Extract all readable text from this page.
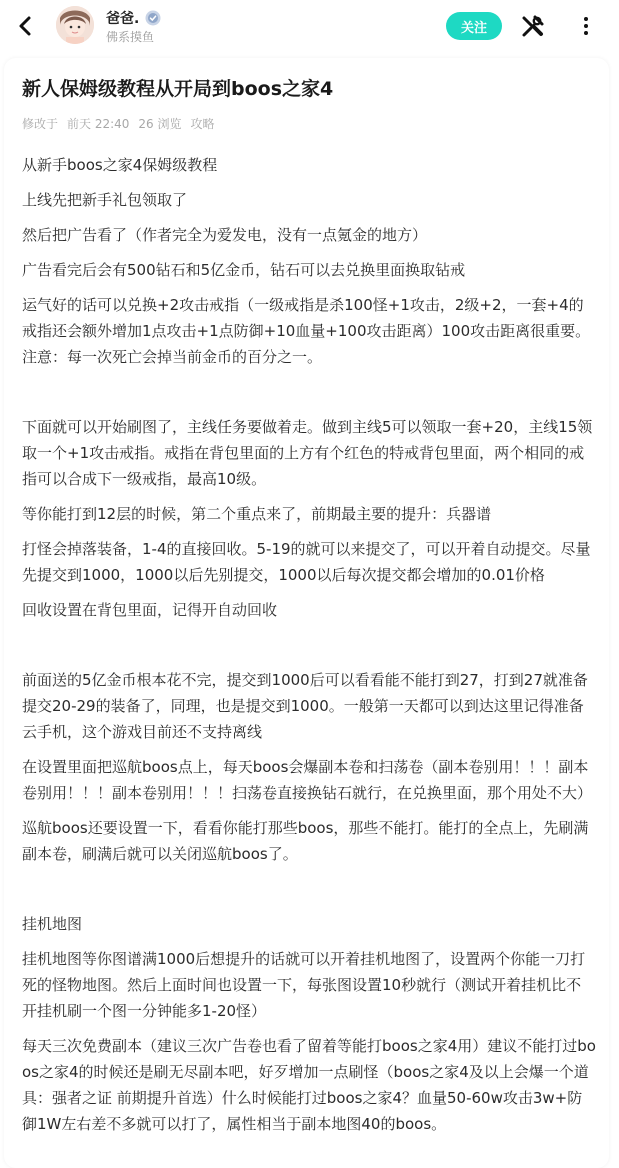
爸爸.
佛系摸鱼
关注
新人保姆级教程从开局到boos之家4
修改于 前天 22:40 26 浏览 攻略

从新手boos之家4保姆级教程

上线先把新手礼包领取了

然后把广告看了（作者完全为爱发电，没有一点氪金的地方）

广告看完后会有500钻石和5亿金币，钻石可以去兑换里面换取钻戒

运气好的话可以兑换+2攻击戒指（一级戒指是杀100怪+1攻击，2级+2，一套+4的戒指还会额外增加1点攻击+1点防御+10血量+100攻击距离）100攻击距离很重要。注意：每一次死亡会掉当前金币的百分之一。

下面就可以开始刷图了，主线任务要做着走。做到主线5可以领取一套+20，主线15领取一个+1攻击戒指。戒指在背包里面的上方有个红色的特戒背包里面，两个相同的戒指可以合成下一级戒指，最高10级。

等你能打到12层的时候，第二个重点来了，前期最主要的提升：兵器谱

打怪会掉落装备，1-4的直接回收。5-19的就可以来提交了，可以开着自动提交。尽量先提交到1000，1000以后先别提交，1000以后每次提交都会增加的0.01价格

回收设置在背包里面，记得开自动回收

前面送的5亿金币根本花不完，提交到1000后可以看看能不能打到27，打到27就准备提交20-29的装备了，同理，也是提交到1000。一般第一天都可以到达这里记得准备云手机，这个游戏目前还不支持离线

在设置里面把巡航boos点上，每天boos会爆副本卷和扫荡卷（副本卷别用！！！副本卷别用！！！副本卷别用！！！扫荡卷直接换钻石就行，在兑换里面，那个用处不大）

巡航boos还要设置一下，看看你能打那些boos，那些不能打。能打的全点上，先刷满副本卷，刷满后就可以关闭巡航boos了。

挂机地图

挂机地图等你图谱满1000后想提升的话就可以开着挂机地图了，设置两个你能一刀打死的怪物地图。然后上面时间也设置一下，每张图设置10秒就行（测试开着挂机比不开挂机刷一个图一分钟能多1-20怪）

每天三次免费副本（建议三次广告卷也看了留着等能打boos之家4用）建议不能打过boos之家4的时候还是刷无尽副本吧，好歹增加一点刷怪（boos之家4及以上会爆一个道具：强者之证 前期提升首选）什么时候能打过boos之家4？血量50-60w攻击3w+防御1W左右差不多就可以打了，属性相当于副本地图40的boos。
